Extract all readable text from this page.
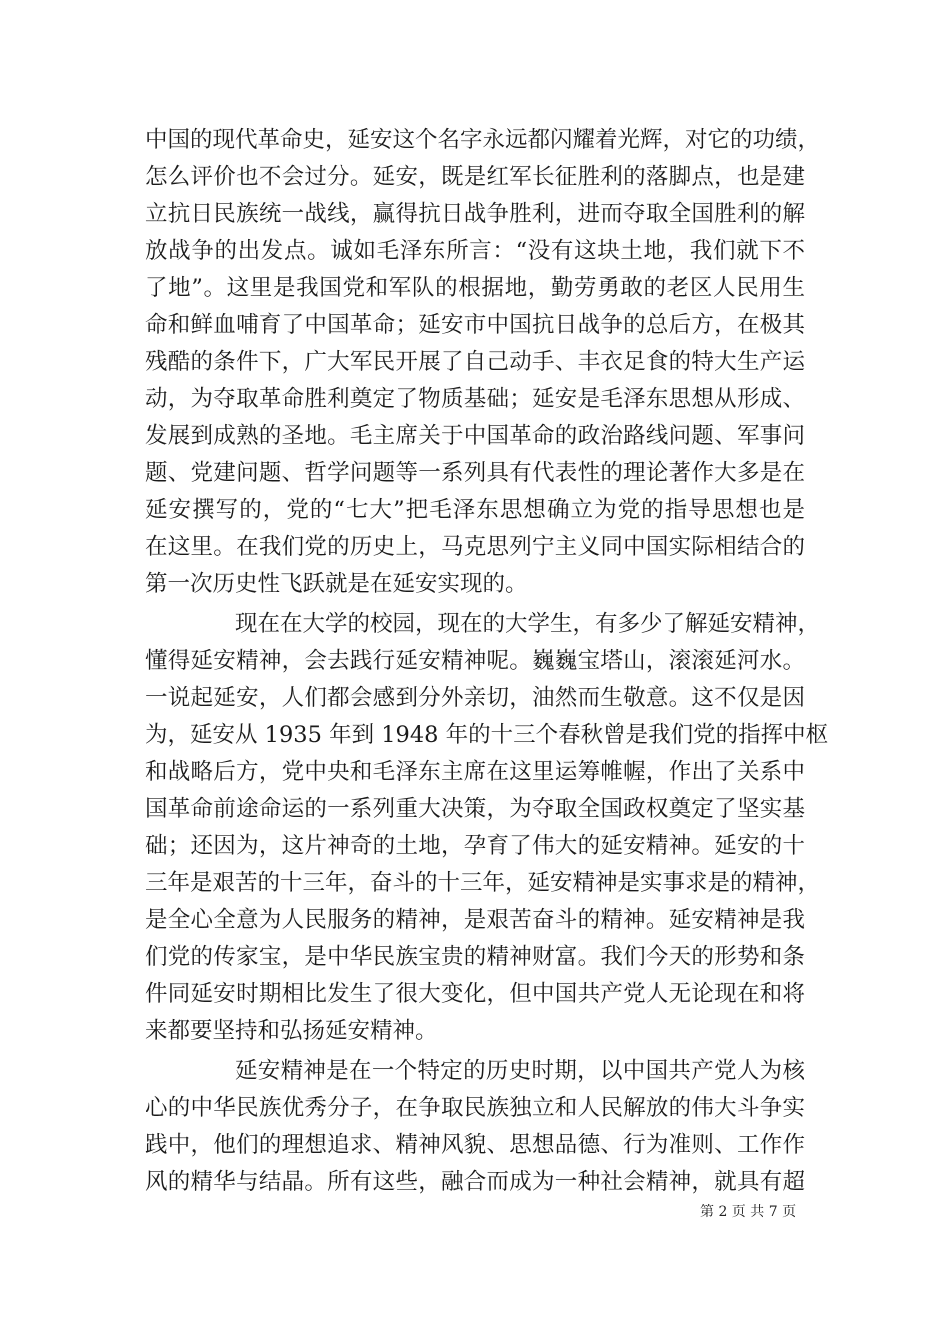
中国的现代革命史，延安这个名字永远都闪耀着光辉，对它的功绩，
怎么评价也不会过分。延安，既是红军长征胜利的落脚点，也是建
立抗日民族统一战线，赢得抗日战争胜利，进而夺取全国胜利的解
放战争的出发点。诚如毛泽东所言：“没有这块土地，我们就下不
了地”。这里是我国党和军队的根据地，勤劳勇敢的老区人民用生
命和鲜血哺育了中国革命；延安市中国抗日战争的总后方，在极其
残酷的条件下，广大军民开展了自己动手、丰衣足食的特大生产运
动，为夺取革命胜利奠定了物质基础；延安是毛泽东思想从形成、
发展到成熟的圣地。毛主席关于中国革命的政治路线问题、军事问
题、党建问题、哲学问题等一系列具有代表性的理论著作大多是在
延安撰写的，党的“七大”把毛泽东思想确立为党的指导思想也是
在这里。在我们党的历史上，马克思列宁主义同中国实际相结合的
第一次历史性飞跃就是在延安实现的。
现在在大学的校园，现在的大学生，有多少了解延安精神，
懂得延安精神，会去践行延安精神呢。巍巍宝塔山，滚滚延河水。
一说起延安，人们都会感到分外亲切，油然而生敬意。这不仅是因
为，延安从 1935 年到 1948 年的十三个春秋曾是我们党的指挥中枢
和战略后方，党中央和毛泽东主席在这里运筹帷幄，作出了关系中
国革命前途命运的一系列重大决策，为夺取全国政权奠定了坚实基
础；还因为，这片神奇的土地，孕育了伟大的延安精神。延安的十
三年是艰苦的十三年，奋斗的十三年，延安精神是实事求是的精神，
是全心全意为人民服务的精神，是艰苦奋斗的精神。延安精神是我
们党的传家宝，是中华民族宝贵的精神财富。我们今天的形势和条
件同延安时期相比发生了很大变化，但中国共产党人无论现在和将
来都要坚持和弘扬延安精神。
延安精神是在一个特定的历史时期，以中国共产党人为核
心的中华民族优秀分子，在争取民族独立和人民解放的伟大斗争实
践中，他们的理想追求、精神风貌、思想品德、行为准则、工作作
风的精华与结晶。所有这些，融合而成为一种社会精神，就具有超
第 2 页 共 7 页
